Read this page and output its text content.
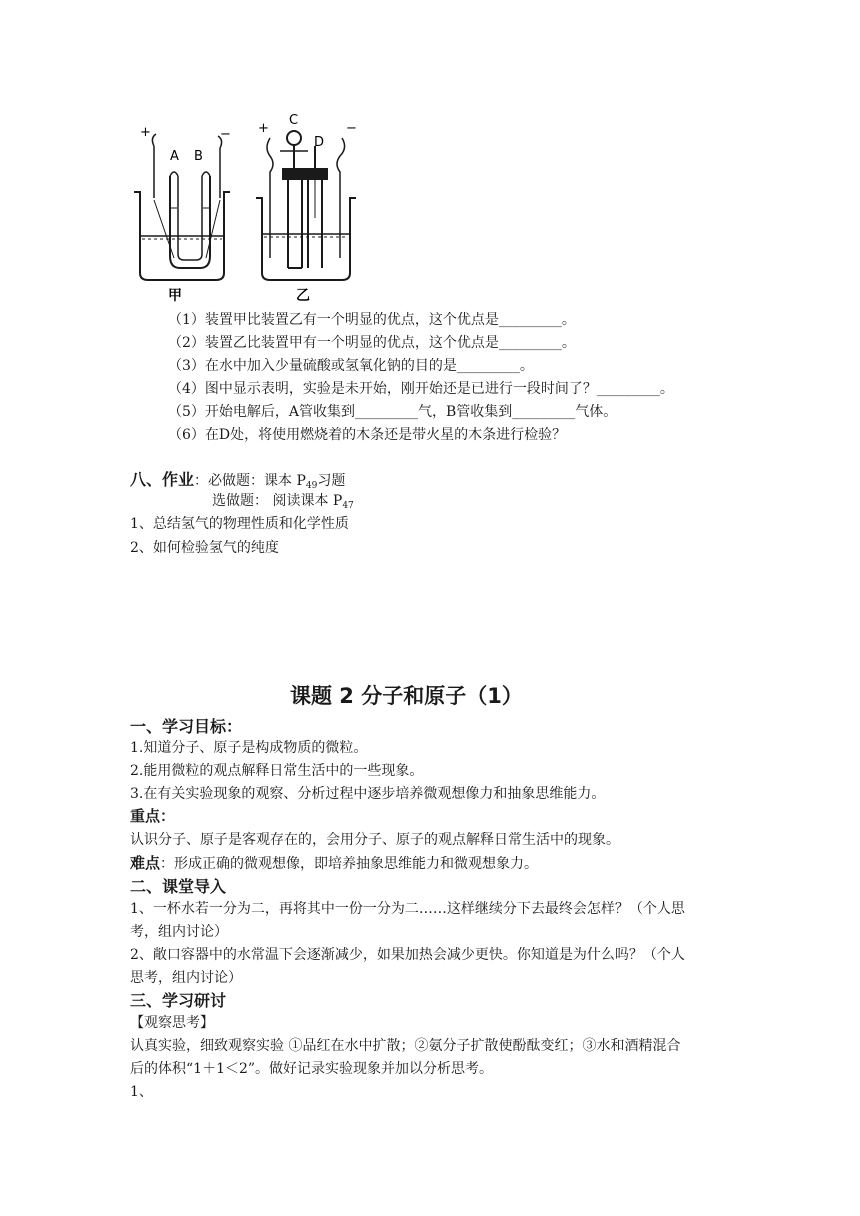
+	−
A B
甲
+	−
C
D
乙
（1）装置甲比装置乙有一个明显的优点，这个优点是_________。
（2）装置乙比装置甲有一个明显的优点，这个优点是_________。
（3）在水中加入少量硫酸或氢氧化钠的目的是_________。
（4）图中显示表明，实验是未开始，刚开始还是已进行一段时间了？_________。
（5）开始电解后，A管收集到_________气，B管收集到_________气体。
（6）在D处，将使用燃烧着的木条还是带火星的木条进行检验？
八、作业：必做题：课本 $P_{49}$习题
选做题： 阅读课本 $P_{47}$
1、总结氢气的物理性质和化学性质
2、如何检验氢气的纯度
课题 2 分子和原子（1）
一、学习目标：
1.知道分子、原子是构成物质的微粒。
2.能用微粒的观点解释日常生活中的一些现象。
3.在有关实验现象的观察、分析过程中逐步培养微观想像力和抽象思维能力。
重点：
认识分子、原子是客观存在的，会用分子、原子的观点解释日常生活中的现象。
难点：形成正确的微观想像，即培养抽象思维能力和微观想象力。
二、课堂导入
1、一杯水若一分为二，再将其中一份一分为二……这样继续分下去最终会怎样？（个人思
考，组内讨论）
2、敞口容器中的水常温下会逐渐减少，如果加热会减少更快。你知道是为什么吗？（个人
思考，组内讨论）
三、学习研讨
【观察思考】
认真实验，细致观察实验 ①品红在水中扩散；②氨分子扩散使酚酞变红；③水和酒精混合
后的体积“1＋1＜2”。做好记录实验现象并加以分析思考。
1、
